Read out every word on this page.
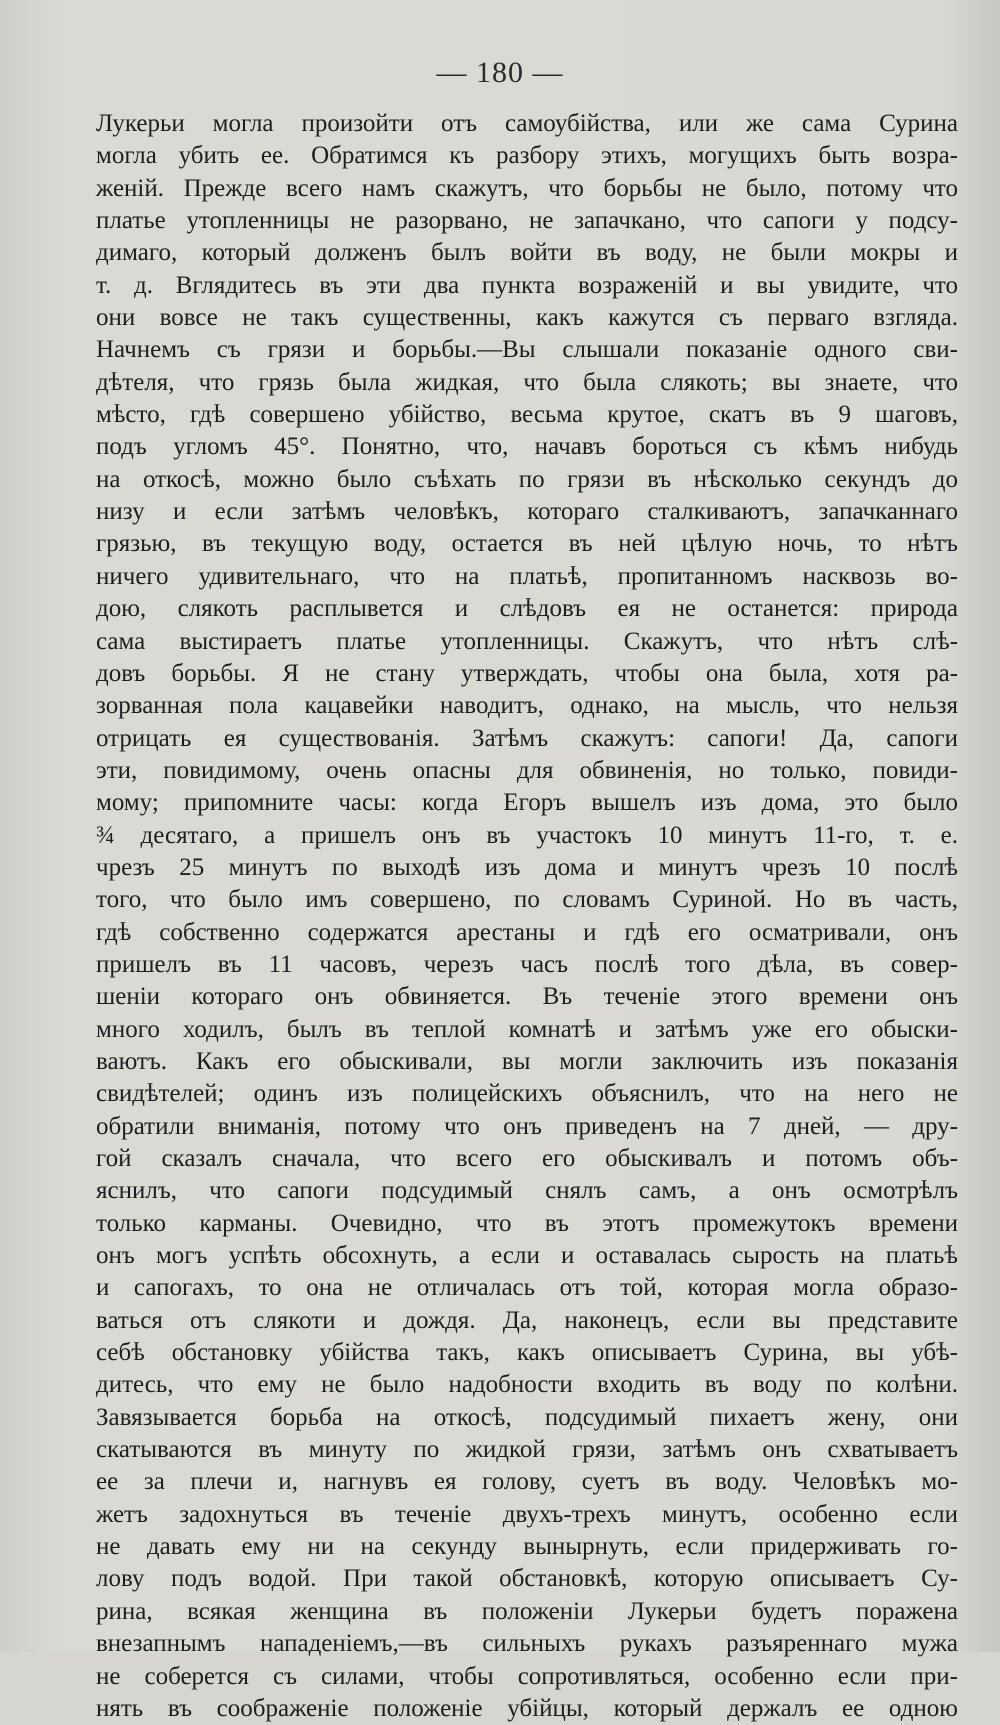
— 180 —
Лукерьи могла произойти отъ самоубійства, или же сама Сурина
могла убить ее. Обратимся къ разбору этихъ, могущихъ быть возра-
женій. Прежде всего намъ скажутъ, что борьбы не было, потому что
платье утопленницы не разорвано, не запачкано, что сапоги у подсу-
димаго, который долженъ былъ войти въ воду, не были мокры и
т. д. Вглядитесь въ эти два пункта возраженій и вы увидите, что
они вовсе не такъ существенны, какъ кажутся съ перваго взгляда.
Начнемъ съ грязи и борьбы.—Вы слышали показаніе одного сви-
дѣтеля, что грязь была жидкая, что была слякоть; вы знаете, что
мѣсто, гдѣ совершено убійство, весьма крутое, скатъ въ 9 шаговъ,
подъ угломъ 45°. Понятно, что, начавъ бороться съ кѣмъ нибудь
на откосѣ, можно было съѣхать по грязи въ нѣсколько секундъ до
низу и если затѣмъ человѣкъ, котораго сталкиваютъ, запачканнаго
грязью, въ текущую воду, остается въ ней цѣлую ночь, то нѣтъ
ничего удивительнаго, что на платьѣ, пропитанномъ насквозь во-
дою, слякоть расплывется и слѣдовъ ея не останется: природа
сама выстираетъ платье утопленницы. Скажутъ, что нѣтъ слѣ-
довъ борьбы. Я не стану утверждать, чтобы она была, хотя ра-
зорванная пола кацавейки наводитъ, однако, на мысль, что нельзя
отрицать ея существованія. Затѣмъ скажутъ: сапоги! Да, сапоги
эти, повидимому, очень опасны для обвиненія, но только, повиди-
мому; припомните часы: когда Егоръ вышелъ изъ дома, это было
¾ десятаго, а пришелъ онъ въ участокъ 10 минутъ 11-го, т. е.
чрезъ 25 минутъ по выходѣ изъ дома и минутъ чрезъ 10 послѣ
того, что было имъ совершено, по словамъ Суриной. Но въ часть,
гдѣ собственно содержатся арестаны и гдѣ его осматривали, онъ
пришелъ въ 11 часовъ, черезъ часъ послѣ того дѣла, въ совер-
шеніи котораго онъ обвиняется. Въ теченіе этого времени онъ
много ходилъ, былъ въ теплой комнатѣ и затѣмъ уже его обыски-
ваютъ. Какъ его обыскивали, вы могли заключить изъ показанія
свидѣтелей; одинъ изъ полицейскихъ объяснилъ, что на него не
обратили вниманія, потому что онъ приведенъ на 7 дней, — дру-
гой сказалъ сначала, что всего его обыскивалъ и потомъ объ-
яснилъ, что сапоги подсудимый снялъ самъ, а онъ осмотрѣлъ
только карманы. Очевидно, что въ этотъ промежутокъ времени
онъ могъ успѣть обсохнуть, а если и оставалась сырость на платьѣ
и сапогахъ, то она не отличалась отъ той, которая могла образо-
ваться отъ слякоти и дождя. Да, наконецъ, если вы представите
себѣ обстановку убійства такъ, какъ описываетъ Сурина, вы убѣ-
дитесь, что ему не было надобности входить въ воду по колѣни.
Завязывается борьба на откосѣ, подсудимый пихаетъ жену, они
скатываются въ минуту по жидкой грязи, затѣмъ онъ схватываетъ
ее за плечи и, нагнувъ ея голову, суетъ въ воду. Человѣкъ мо-
жетъ задохнуться въ теченіе двухъ-трехъ минутъ, особенно если
не давать ему ни на секунду вынырнуть, если придерживать го-
лову подъ водой. При такой обстановкѣ, которую описываетъ Су-
рина, всякая женщина въ положеніи Лукерьи будетъ поражена
внезапнымъ нападеніемъ,—въ сильныхъ рукахъ разъяреннаго мужа
не соберется съ силами, чтобы сопротивляться, особенно если при-
нять въ соображеніе положеніе убійцы, который держалъ ее одною
